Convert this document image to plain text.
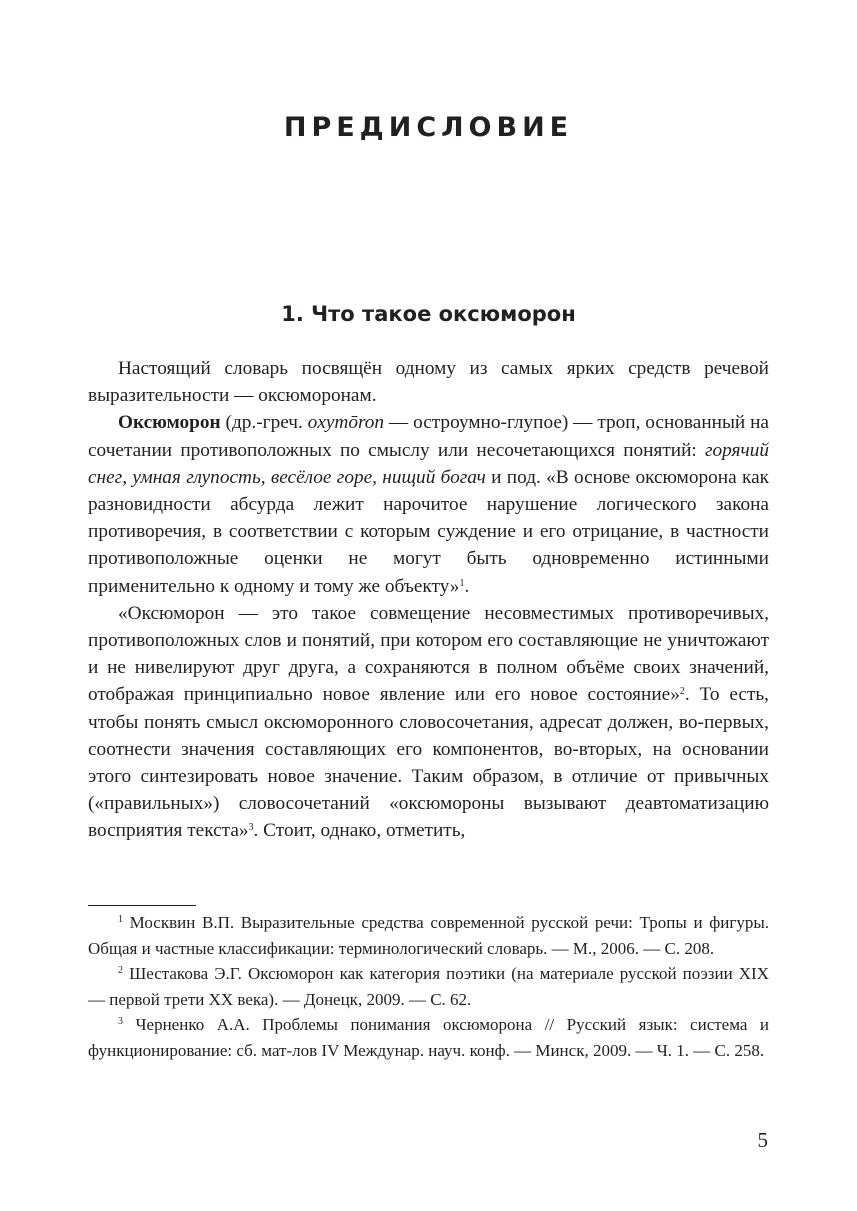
ПРЕДИСЛОВИЕ
1. Что такое оксюморон

Настоящий словарь посвящён одному из самых ярких средств речевой выразительности — оксюморонам.

Оксюморон (др.-греч. oxymōron — остроумно-глупое) — троп, основанный на сочетании противоположных по смыслу или несочетающихся понятий: горячий снег, умная глупость, весёлое горе, нищий богач и под. «В основе оксюморона как разновидности абсурда лежит нарочитое нарушение логического закона противоречия, в соответствии с которым суждение и его отрицание, в частности противоположные оценки не могут быть одновременно истинными применительно к одному и тому же объекту»$^1$.

«Оксюморон — это такое совмещение несовместимых противоречивых, противоположных слов и понятий, при котором его составляющие не уничтожают и не нивелируют друг друга, а сохраняются в полном объёме своих значений, отображая принципиально новое явление или его новое состояние»$^2$. То есть, чтобы понять смысл оксюморонного словосочетания, адресат должен, во-первых, соотнести значения составляющих его компонентов, во-вторых, на основании этого синтезировать новое значение. Таким образом, в отличие от привычных («правильных») словосочетаний «оксюмороны вызывают деавтоматизацию восприятия текста»$^3$. Стоит, однако, отметить,

$^1$ Москвин В.П. Выразительные средства современной русской речи: Тропы и фигуры. Общая и частные классификации: терминологический словарь. — М., 2006. — С. 208.

$^2$ Шестакова Э.Г. Оксюморон как категория поэтики (на материале русской поэзии XIX — первой трети XX века). — Донецк, 2009. — С. 62.

$^3$ Черненко А.А. Проблемы понимания оксюморона // Русский язык: система и функционирование: сб. мат-лов IV Междунар. науч. конф. — Минск, 2009. — Ч. 1. — С. 258.

5
